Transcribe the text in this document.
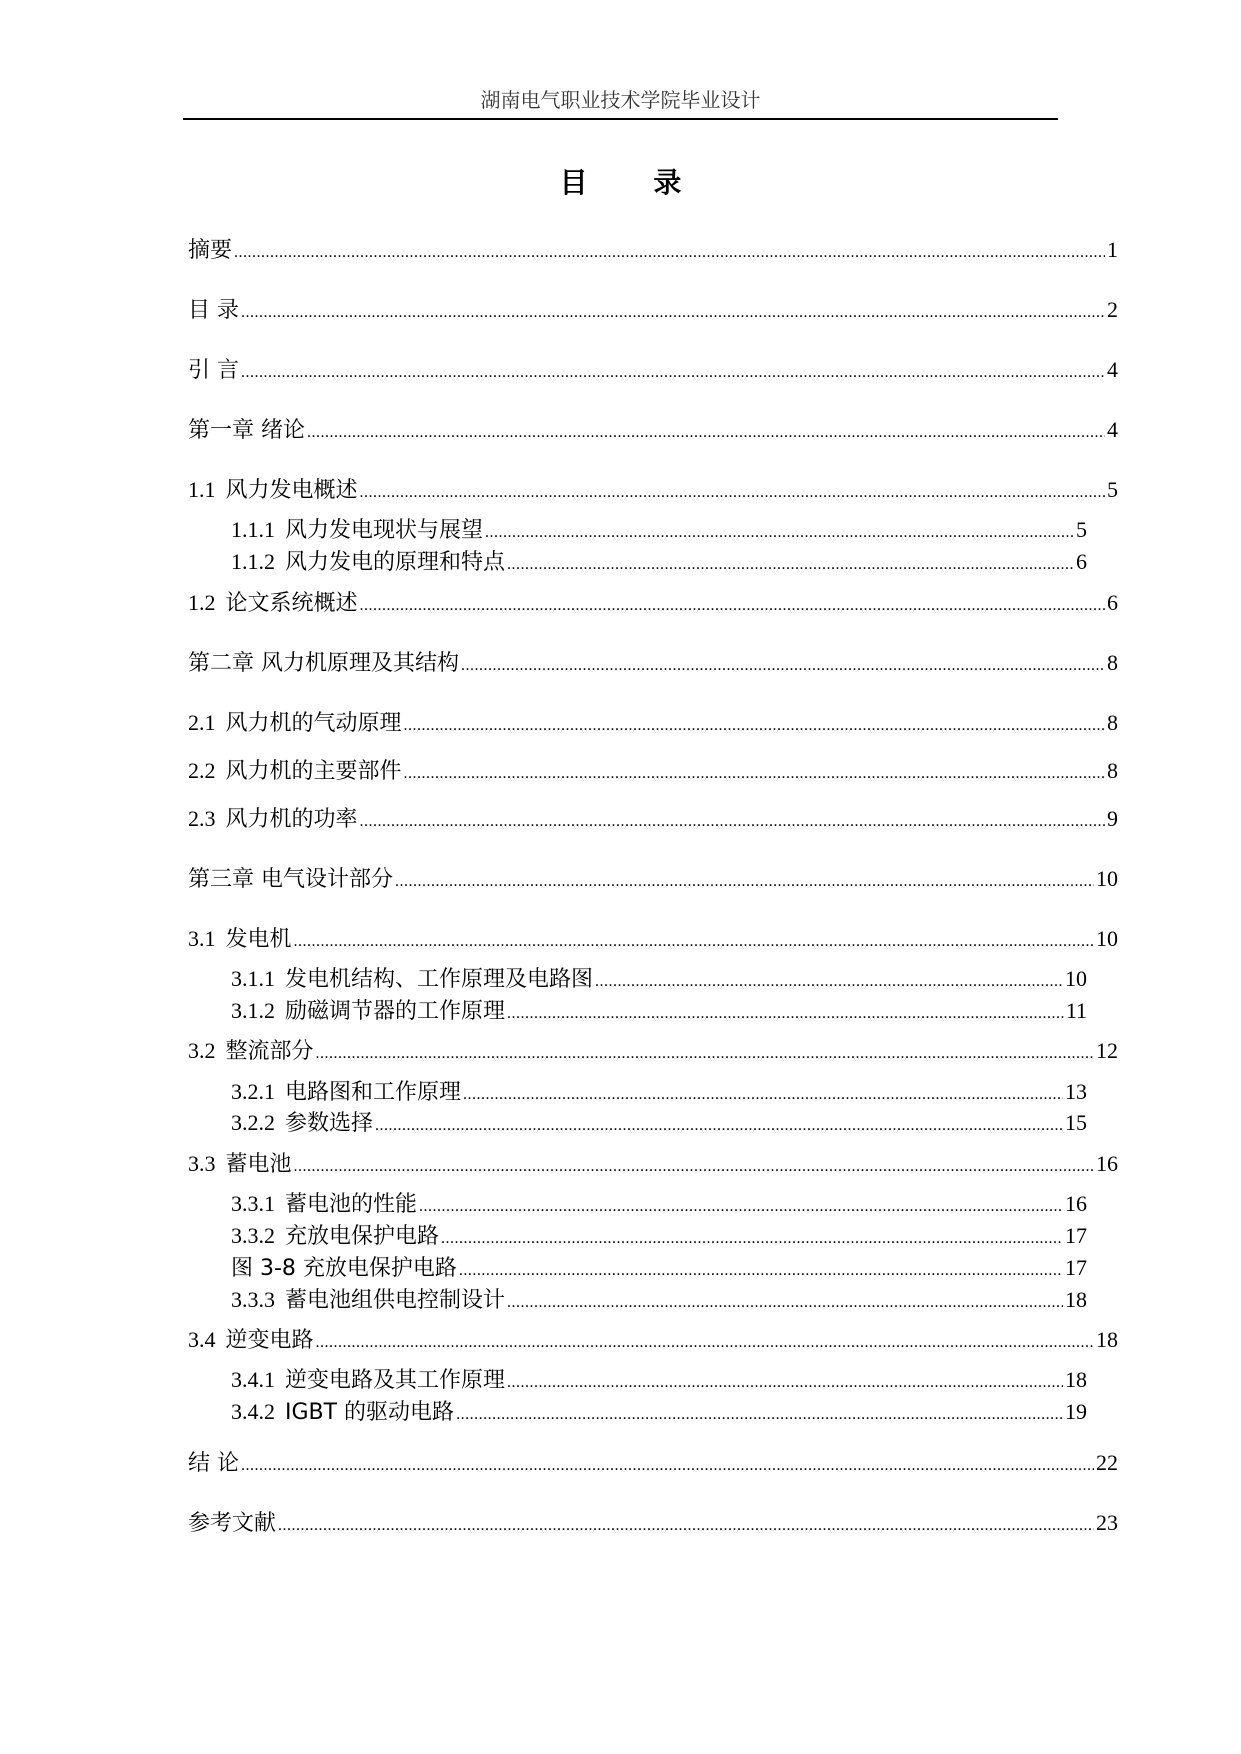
湖南电气职业技术学院毕业设计
目 录
摘要 .....	1
目 录 .....	2
引 言 .....	4
第一章 绪论 .....	4
1.1 风力发电概述 .....	5
1.1.1 风力发电现状与展望 .....	5
1.1.2 风力发电的原理和特点 .....	6
1.2 论文系统概述 .....	6
第二章 风力机原理及其结构 .....	8
2.1 风力机的气动原理 .....	8
2.2 风力机的主要部件 .....	8
2.3 风力机的功率 .....	9
第三章 电气设计部分 .....	10
3.1 发电机 .....	10
3.1.1 发电机结构、工作原理及电路图 .....	10
3.1.2 励磁调节器的工作原理 .....	11
3.2 整流部分 .....	12
3.2.1 电路图和工作原理 .....	13
3.2.2 参数选择 .....	15
3.3 蓄电池 .....	16
3.3.1 蓄电池的性能 .....	16
3.3.2 充放电保护电路 .....	17
图 3-8 充放电保护电路 .....	17
3.3.3 蓄电池组供电控制设计 .....	18
3.4 逆变电路 .....	18
3.4.1 逆变电路及其工作原理 .....	18
3.4.2 IGBT 的驱动电路 .....	19
结 论 .....	22
参考文献 .....	23
